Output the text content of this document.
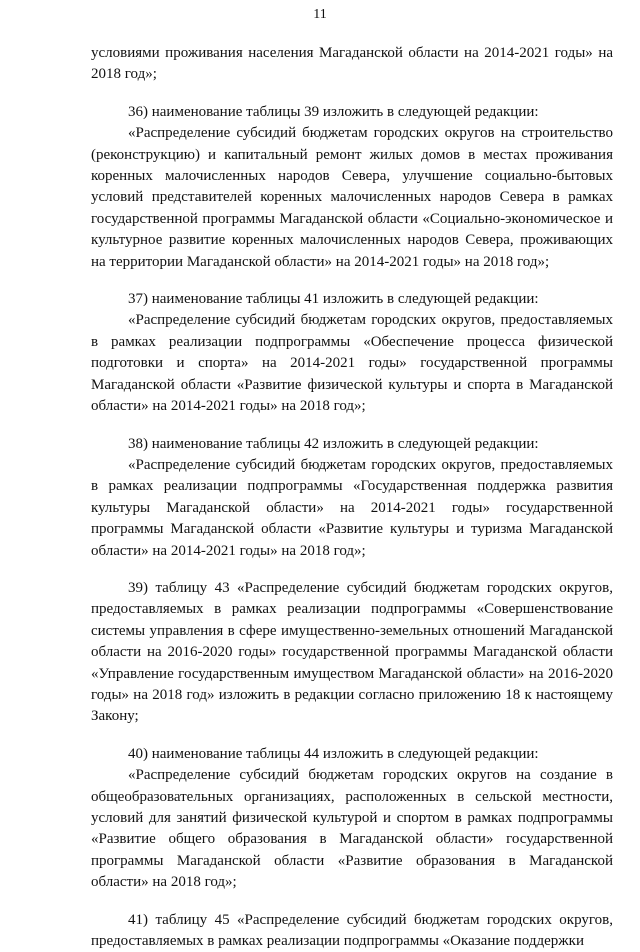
11

условиями проживания населения Магаданской области на 2014-2021 годы» на 2018 год»;

36) наименование таблицы 39 изложить в следующей редакции:

«Распределение субсидий бюджетам городских округов на строительство (реконструкцию) и капитальный ремонт жилых домов в местах проживания коренных малочисленных народов Севера, улучшение социально-бытовых условий представителей коренных малочисленных народов Севера в рамках государственной программы Магаданской области «Социально-экономическое и культурное развитие коренных малочисленных народов Севера, проживающих на территории Магаданской области» на 2014-2021 годы» на 2018 год»;

37) наименование таблицы 41 изложить в следующей редакции:

«Распределение субсидий бюджетам городских округов, предоставляемых в рамках реализации подпрограммы «Обеспечение процесса физической подготовки и спорта» на 2014-2021 годы» государственной программы Магаданской области «Развитие физической культуры и спорта в Магаданской области» на 2014-2021 годы» на 2018 год»;

38) наименование таблицы 42 изложить в следующей редакции:

«Распределение субсидий бюджетам городских округов, предоставляемых в рамках реализации подпрограммы «Государственная поддержка развития культуры Магаданской области» на 2014-2021 годы» государственной программы Магаданской области «Развитие культуры и туризма Магаданской области» на 2014-2021 годы» на 2018 год»;

39) таблицу 43 «Распределение субсидий бюджетам городских округов, предоставляемых в рамках реализации подпрограммы «Совершенствование системы управления в сфере имущественно-земельных отношений Магаданской области на 2016-2020 годы» государственной программы Магаданской области «Управление государственным имуществом Магаданской области» на 2016-2020 годы» на 2018 год» изложить в редакции согласно приложению 18 к настоящему Закону;

40) наименование таблицы 44 изложить в следующей редакции:

«Распределение субсидий бюджетам городских округов на создание в общеобразовательных организациях, расположенных в сельской местности, условий для занятий физической культурой и спортом в рамках подпрограммы «Развитие общего образования в Магаданской области» государственной программы Магаданской области «Развитие образования в Магаданской области» на 2018 год»;

41) таблицу 45 «Распределение субсидий бюджетам городских округов, предоставляемых в рамках реализации подпрограммы «Оказание поддержки
